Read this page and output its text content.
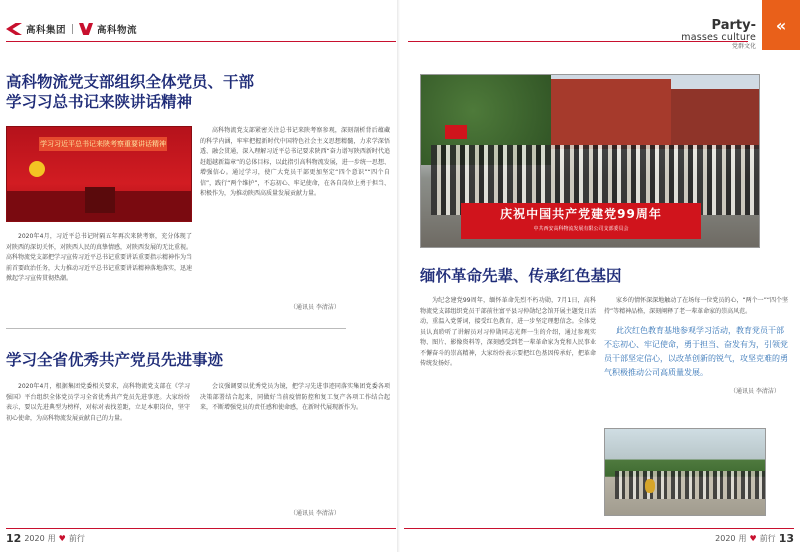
高科集团	高科物流
高科物流党支部组织全体党员、干部
学习习总书记来陕讲话精神
学习习近平总书记来陕考察重要讲话精神
2020年4月，习近平总书记时隔五年再次来陕考察，充分体现了对陕西的深切关怀，对陕西人民的真挚情感，对陕西发展的无比重视。高科物流党支部把学习宣传习近平总书记重要讲话重要指示精神作为当前首要政治任务，大力推动习近平总书记重要讲话精神落地落实，迅速掀起学习宣传贯彻热潮。
高科物流党支部紧密关注总书记来陕考察参观，深刻剖析背后蕴藏的科学内涵，牢牢把握新时代中国特色社会主义思想精髓，力求学深悟透、融会贯通，深入理解习近平总书记要求陕西“奋力谱写陕西新时代追赶超越新篇章”的总体目标，以此指引高科物流发展，进一步统一思想、增强信心。通过学习，使广大党员干部更加坚定“四个意识”“四个自信”，践行“两个维护”，不忘初心、牢记使命，在各自岗位上勇于担当、积极作为，为推动陕西高质量发展贡献力量。
（通讯员 李清洁）
学习全省优秀共产党员先进事迹
2020年4月，根据集团党委相关要求，高科物流党支部在《学习强国》平台组织全体党员学习全省优秀共产党员先进事迹。大家纷纷表示，要以先进典型为榜样，对标对表找差距，立足本职岗位，坚守初心使命，为高科物流发展贡献自己的力量。
会议强调要以优秀党员为镜，把学习先进事迹同落实集团党委各项决策部署结合起来，同做好当前疫情防控和复工复产各项工作结合起来，不断增强党员的责任感和使命感，在新时代展现新作为。
（通讯员 李清洁）
12 2020 用 ♥ 前行
Party-
masses culture
党群文化
«
庆祝中国共产党建党99周年
中共西安高科物流发展有限公司支部委员会
缅怀革命先辈、传承红色基因
为纪念建党99周年，缅怀革命先烈不朽功勋，7月1日，高科物流党支部组织党员干部前往富平县习仲勋纪念馆开展主题党日活动，重温入党誓词，接受红色教育，进一步坚定理想信念。全体党员认真聆听了讲解员对习仲勋同志光辉一生的介绍，通过参观实物、图片、影像资料等，深刻感受到老一辈革命家为党和人民事业不懈奋斗的崇高精神，大家纷纷表示要把红色基因传承好，把革命传统发扬好。
家乡的情怀深深地触动了在场每一位党员的心，“两个一”“四个坚持”等精神品格，深刻阐释了老一辈革命家的崇高风范。
此次红色教育基地参观学习活动，教育党员干部不忘初心、牢记使命，勇于担当、奋发有为，引领党员干部坚定信心，以改革创新的锐气，攻坚克难的勇气积极推动公司高质量发展。
（通讯员 李清洁）
2020 用 ♥ 前行 13
